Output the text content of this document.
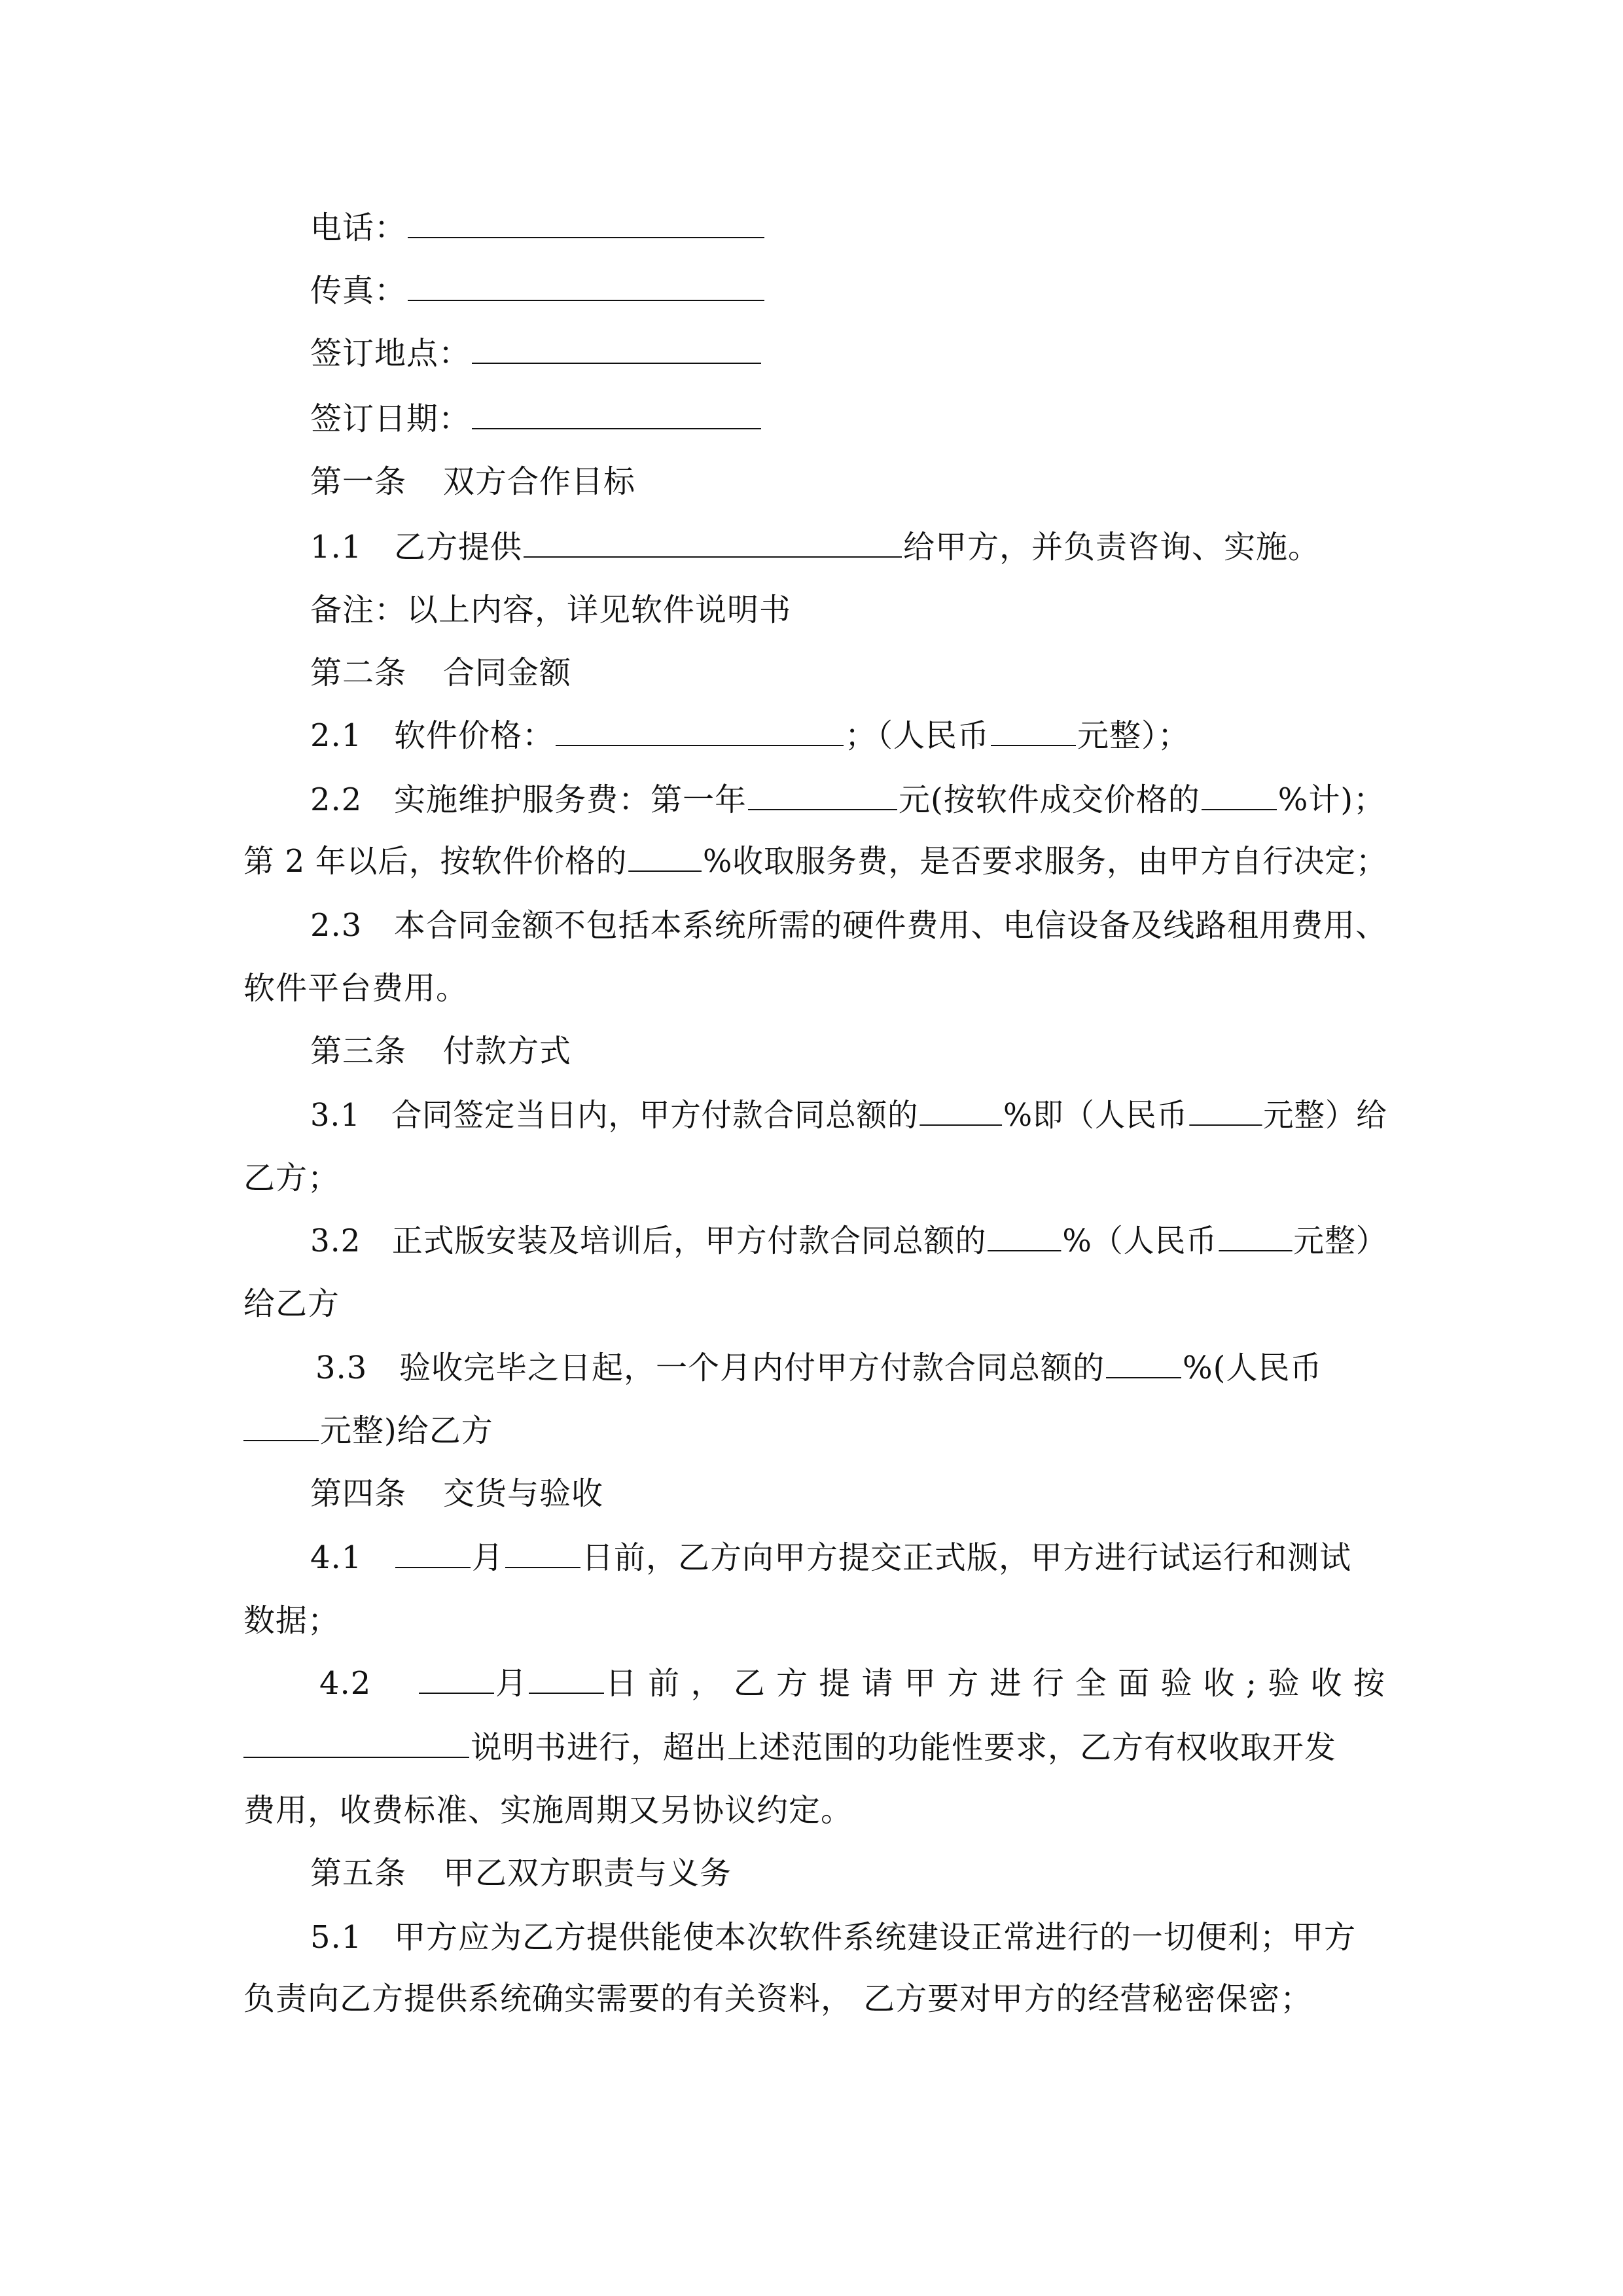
电话：
传真：
签订地点：
签订日期：
第一条 双方合作目标
1.1 乙方提供	给甲方，并负责咨询、实施。
备注：以上内容，详见软件说明书
第二条 合同金额
2.1 软件价格：	；（人民币	元整）；
2.2 实施维护服务费：第一年	元(按软件成交价格的 %计)；
第 2 年以后，按软件价格的 %收取服务费，是否要求服务，由甲方自行决定；
2.3 本合同金额不包括本系统所需的硬件费用、电信设备及线路租用费用、
软件平台费用。
第三条 付款方式
3.1 合同签定当日内，甲方付款合同总额的	%即（人民币 元整）给
乙方；
3.2 正式版安装及培训后，甲方付款合同总额的 %（人民币 元整）
给乙方
3.3 验收完毕之日起，一个月内付甲方付款合同总额的 %(人民币
元整)给乙方
第四条 交货与验收
4.1	月 日前，乙方向甲方提交正式版，甲方进行试运行和测试
数据；
4.2	月 日 前 ， 乙 方 提 请 甲 方 进 行 全 面 验 收 ; 验 收 按
说明书进行，超出上述范围的功能性要求，乙方有权收取开发
费用，收费标准、实施周期又另协议约定。
第五条 甲乙双方职责与义务
5.1 甲方应为乙方提供能使本次软件系统建设正常进行的一切便利；甲方
负责向乙方提供系统确实需要的有关资料， 乙方要对甲方的经营秘密保密；
